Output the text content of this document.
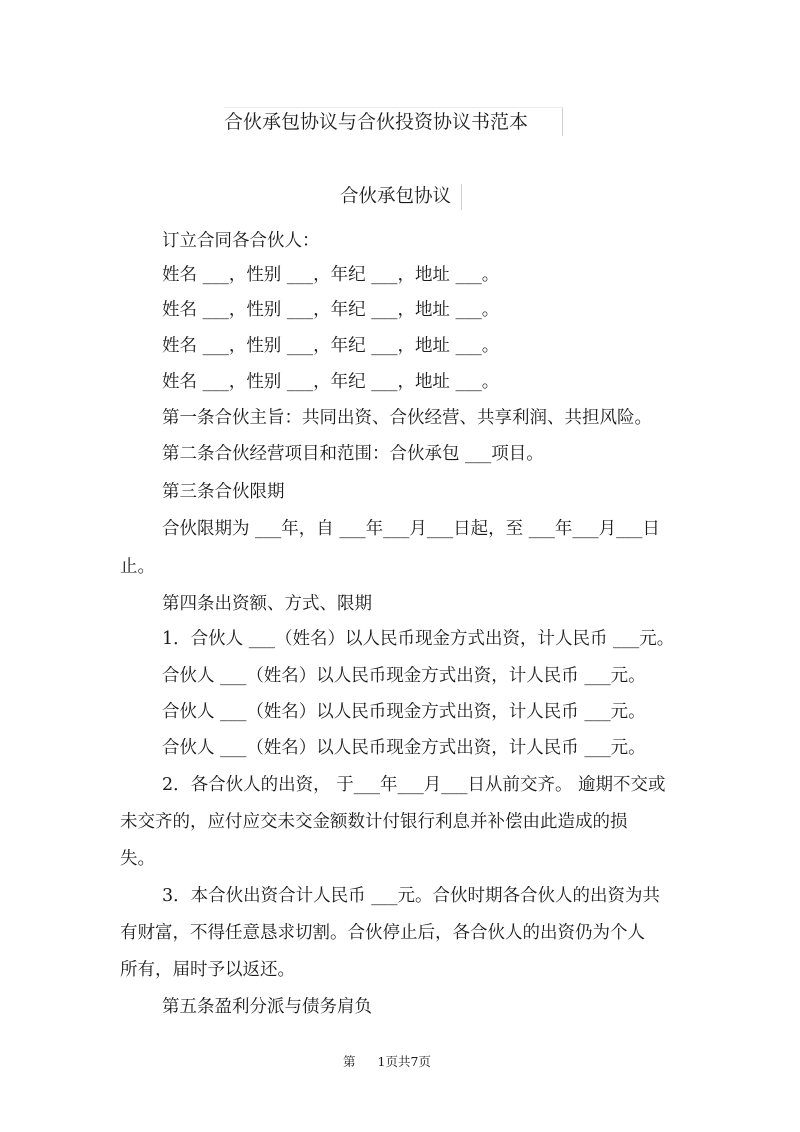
合伙承包协议与合伙投资协议书范本
合伙承包协议
订立合同各合伙人：
姓名 ___，性别 ___，年纪 ___，地址 ___。
姓名 ___，性别 ___，年纪 ___，地址 ___。
姓名 ___，性别 ___，年纪 ___，地址 ___。
姓名 ___，性别 ___，年纪 ___，地址 ___。
第一条合伙主旨：共同出资、合伙经营、共享利润、共担风险。
第二条合伙经营项目和范围：合伙承包 ___项目。
第三条合伙限期
合伙限期为 ___年，自 ___年___月___日起，至 ___年___月___日
止。
第四条出资额、方式、限期
1．合伙人 ___（姓名）以人民币现金方式出资，计人民币 ___元。
合伙人 ___（姓名）以人民币现金方式出资，计人民币 ___元。
合伙人 ___（姓名）以人民币现金方式出资，计人民币 ___元。
合伙人 ___（姓名）以人民币现金方式出资，计人民币 ___元。
2．各合伙人的出资， 于___年___月___日从前交齐。 逾期不交或
未交齐的，应付应交未交金额数计付银行利息并补偿由此造成的损
失。
3．本合伙出资合计人民币 ___元。合伙时期各合伙人的出资为共
有财富，不得任意恳求切割。合伙停止后，各合伙人的出资仍为个人
所有，届时予以返还。
第五条盈利分派与债务肩负
第 1页共7页
